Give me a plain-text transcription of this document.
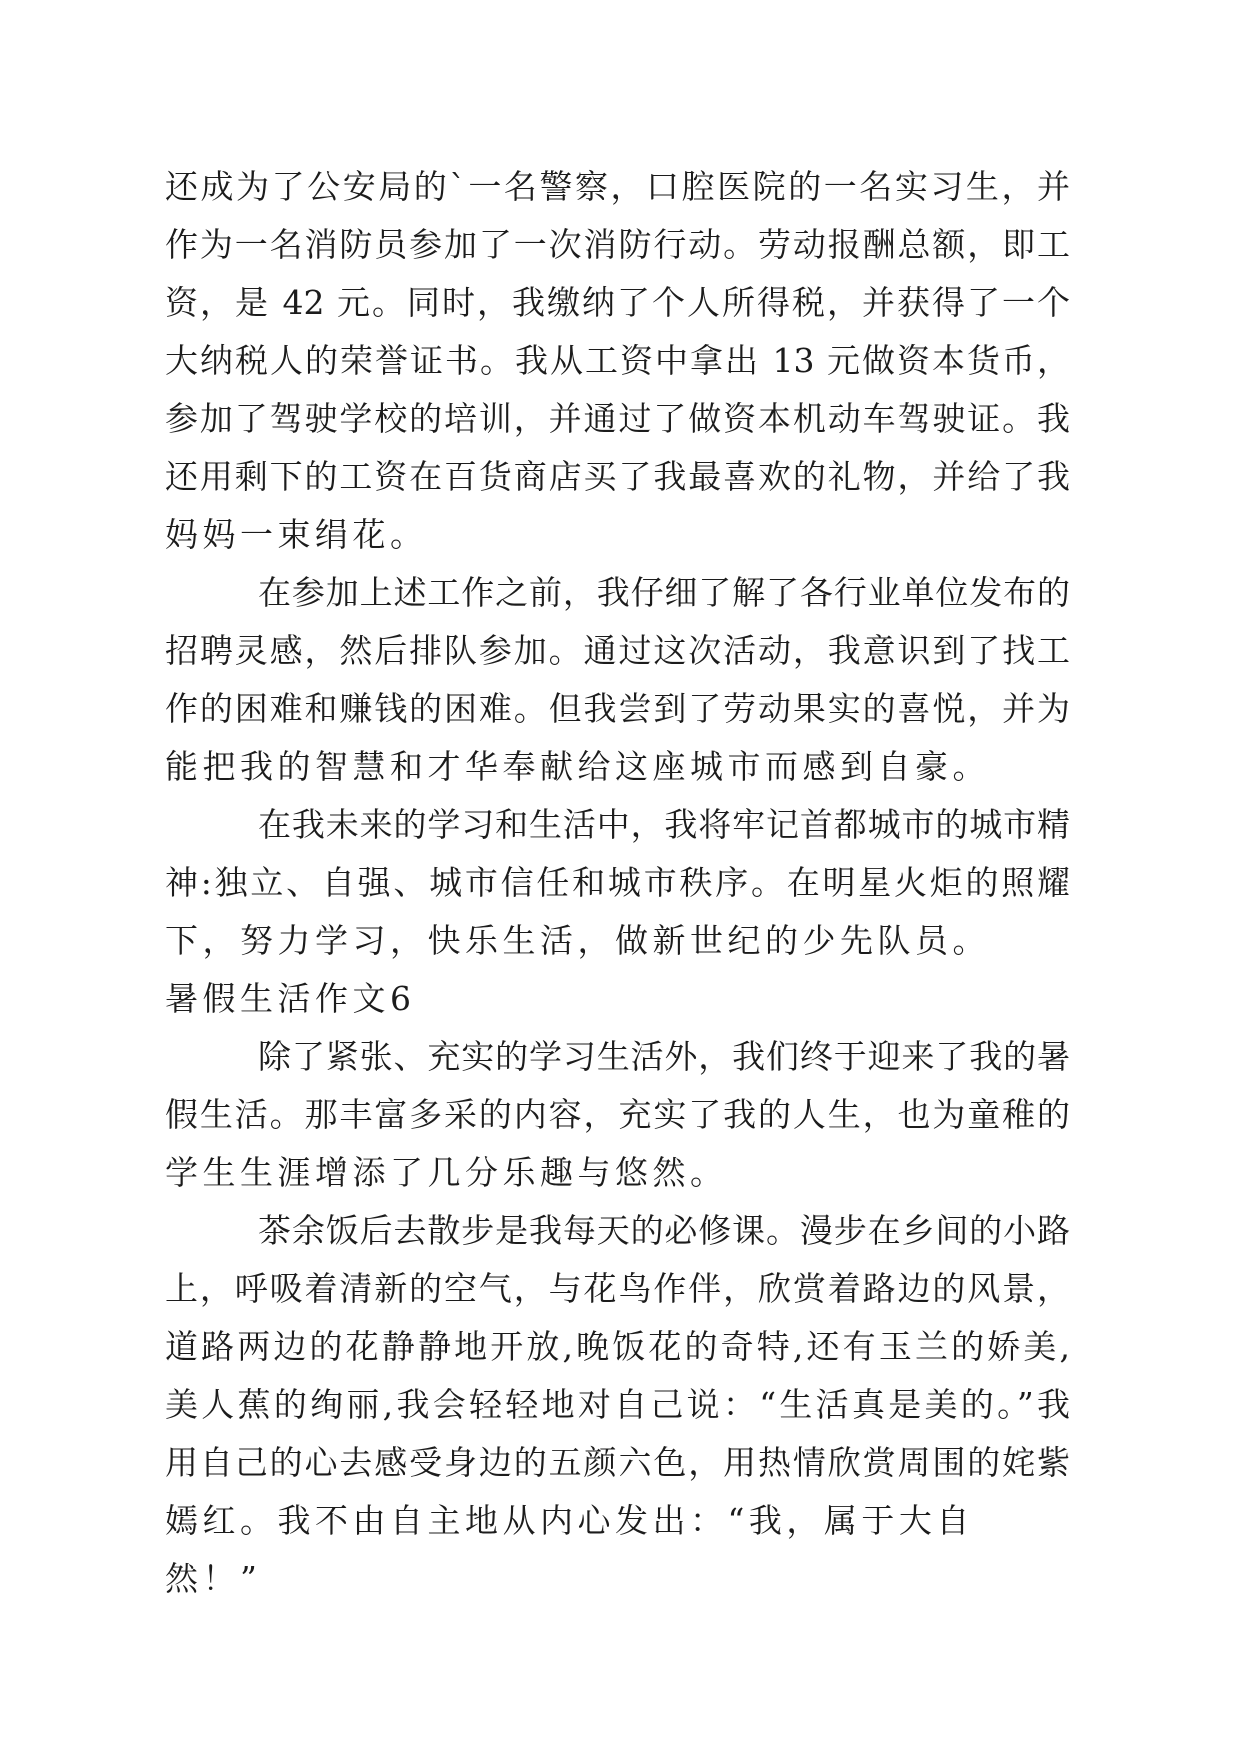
还成为了公安局的`一名警察，口腔医院的一名实习生，并
作为一名消防员参加了一次消防行动。劳动报酬总额，即工
资，是 42 元。同时，我缴纳了个人所得税，并获得了一个
大纳税人的荣誉证书。我从工资中拿出 13 元做资本货币，
参加了驾驶学校的培训，并通过了做资本机动车驾驶证。我
还用剩下的工资在百货商店买了我最喜欢的礼物，并给了我
妈妈一束绢花。
在参加上述工作之前，我仔细了解了各行业单位发布的
招聘灵感，然后排队参加。通过这次活动，我意识到了找工
作的困难和赚钱的困难。但我尝到了劳动果实的喜悦，并为
能把我的智慧和才华奉献给这座城市而感到自豪。
在我未来的学习和生活中，我将牢记首都城市的城市精
神:独立、自强、城市信任和城市秩序。在明星火炬的照耀
下，努力学习，快乐生活，做新世纪的少先队员。
暑假生活作文6
除了紧张、充实的学习生活外，我们终于迎来了我的暑
假生活。那丰富多采的内容，充实了我的人生，也为童稚的
学生生涯增添了几分乐趣与悠然。
茶余饭后去散步是我每天的必修课。漫步在乡间的小路
上，呼吸着清新的空气，与花鸟作伴，欣赏着路边的风景，
道路两边的花静静地开放,晚饭花的奇特,还有玉兰的娇美,
美人蕉的绚丽,我会轻轻地对自己说：“生活真是美的。”我
用自己的心去感受身边的五颜六色，用热情欣赏周围的姹紫
嫣红。我不由自主地从内心发出：“我，属于大自然！”
